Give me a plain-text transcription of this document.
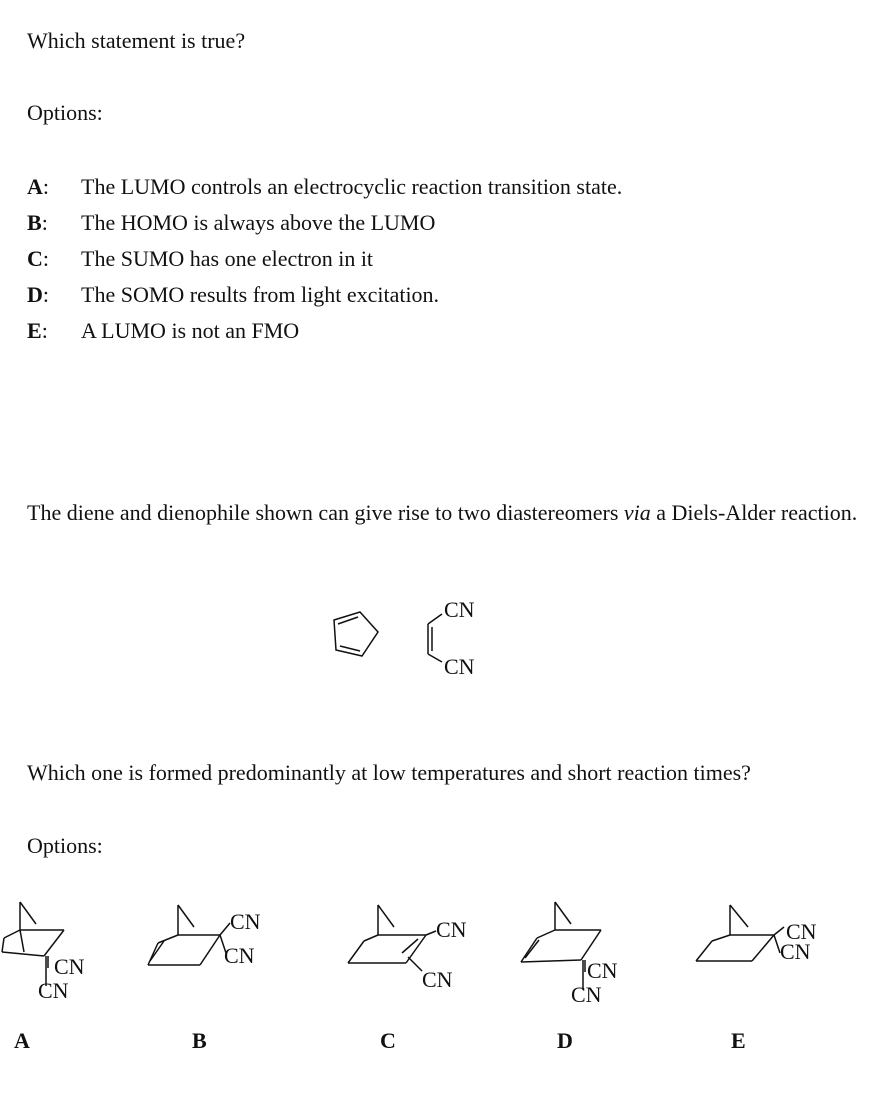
Which statement is true?
Options:
A: The LUMO controls an electrocyclic reaction transition state.
B: The HOMO is always above the LUMO
C: The SUMO has one electron in it
D: The SOMO results from light excitation.
E: A LUMO is not an FMO
The diene and dienophile shown can give rise to two diastereomers via a Diels-Alder reaction.
CN
CN
Which one is formed predominantly at low temperatures and short reaction times?
Options:
CN
CN
A
CN
CN
B
CN
CN
C
CN
CN
D
CN
CN
E
